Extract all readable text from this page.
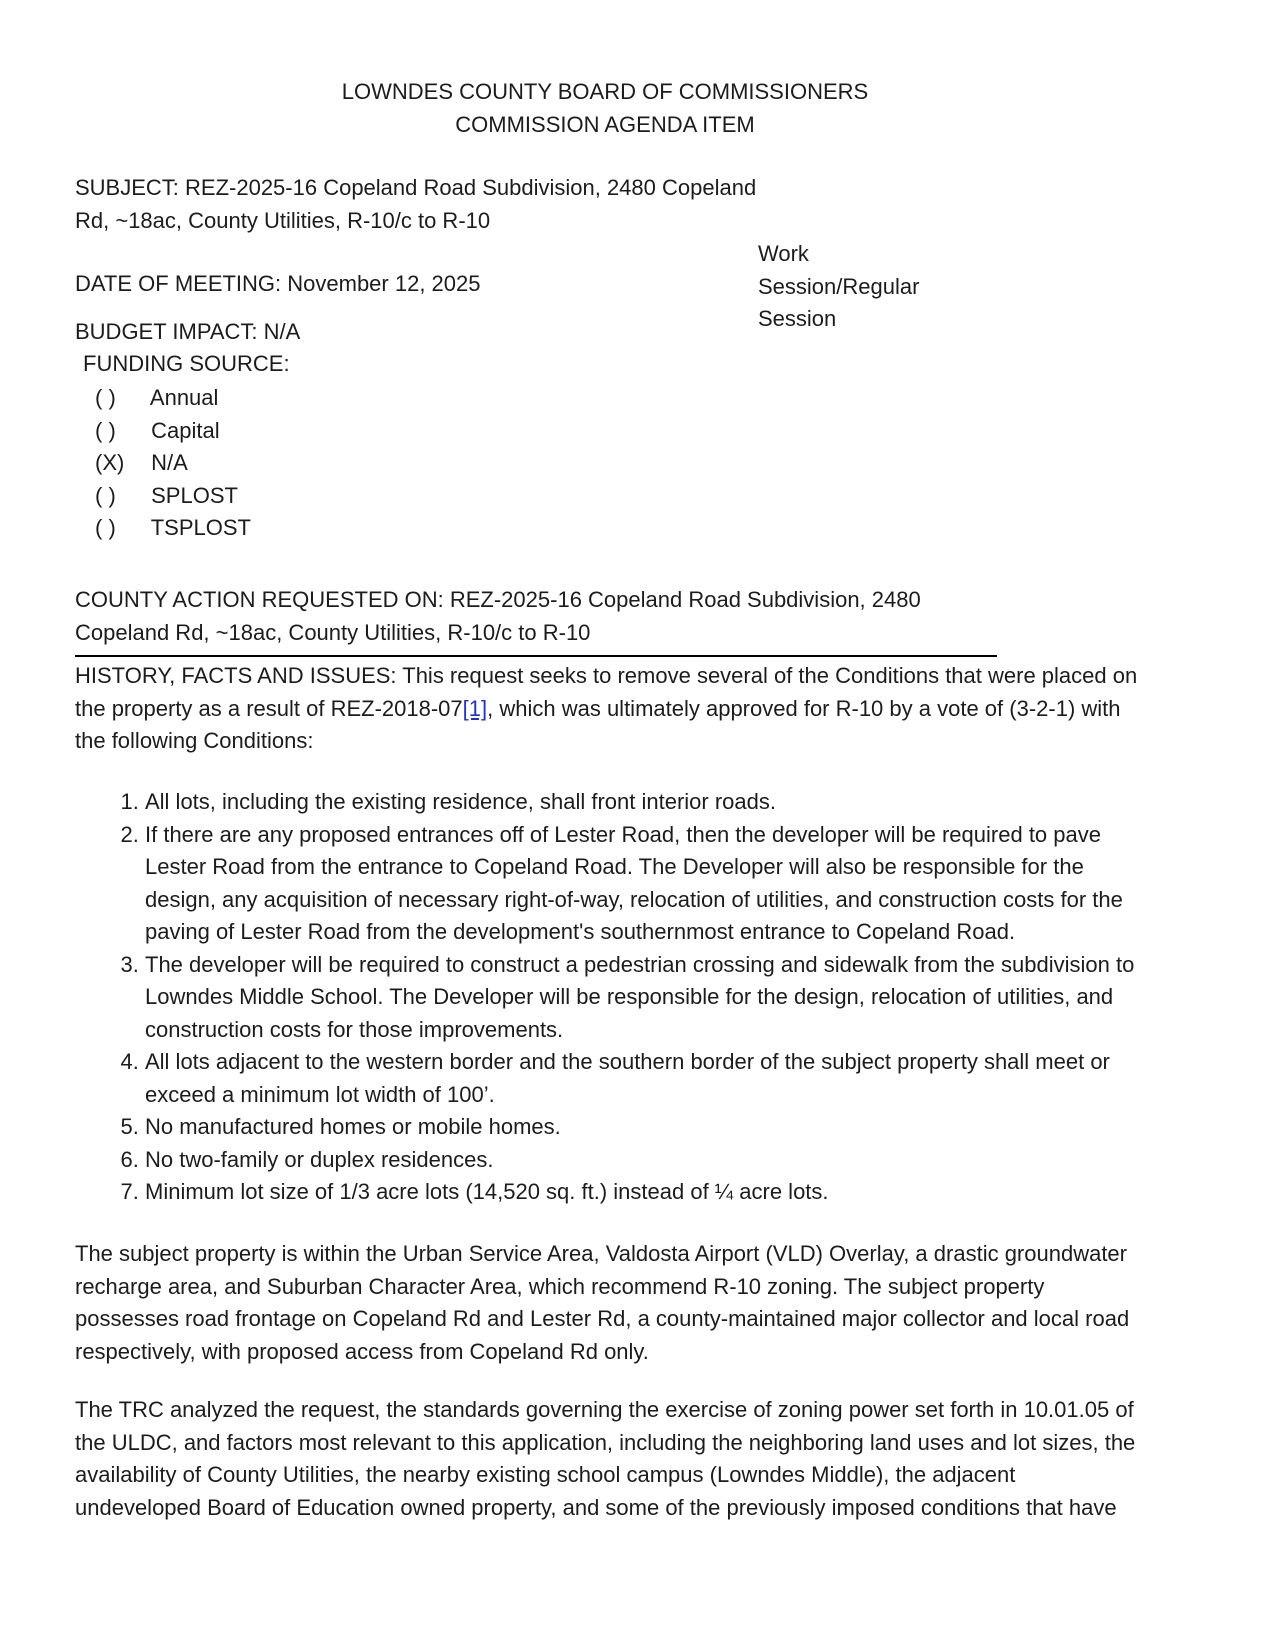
LOWNDES COUNTY BOARD OF COMMISSIONERS
COMMISSION AGENDA ITEM
SUBJECT: REZ-2025-16 Copeland Road Subdivision, 2480 Copeland
Rd, ~18ac, County Utilities, R-10/c to R-10
Work
Session/Regular
Session
DATE OF MEETING: November 12, 2025
BUDGET IMPACT: N/A
FUNDING SOURCE:
( ) Annual
( ) Capital
(X) N/A
( ) SPLOST
( ) TSPLOST
COUNTY ACTION REQUESTED ON: REZ-2025-16 Copeland Road Subdivision, 2480
Copeland Rd, ~18ac, County Utilities, R-10/c to R-10

HISTORY, FACTS AND ISSUES: This request seeks to remove several of the Conditions that were placed on the property as a result of REZ-2018-07[1], which was ultimately approved for R-10 by a vote of (3-2-1) with the following Conditions:

1. All lots, including the existing residence, shall front interior roads.
2. If there are any proposed entrances off of Lester Road, then the developer will be required to pave Lester Road from the entrance to Copeland Road. The Developer will also be responsible for the design, any acquisition of necessary right-of-way, relocation of utilities, and construction costs for the paving of Lester Road from the development's southernmost entrance to Copeland Road.
3. The developer will be required to construct a pedestrian crossing and sidewalk from the subdivision to Lowndes Middle School. The Developer will be responsible for the design, relocation of utilities, and construction costs for those improvements.
4. All lots adjacent to the western border and the southern border of the subject property shall meet or exceed a minimum lot width of 100’.
5. No manufactured homes or mobile homes.
6. No two-family or duplex residences.
7. Minimum lot size of 1/3 acre lots (14,520 sq. ft.) instead of ¼ acre lots.

The subject property is within the Urban Service Area, Valdosta Airport (VLD) Overlay, a drastic groundwater recharge area, and Suburban Character Area, which recommend R-10 zoning. The subject property possesses road frontage on Copeland Rd and Lester Rd, a county-maintained major collector and local road respectively, with proposed access from Copeland Rd only.

The TRC analyzed the request, the standards governing the exercise of zoning power set forth in 10.01.05 of the ULDC, and factors most relevant to this application, including the neighboring land uses and lot sizes, the availability of County Utilities, the nearby existing school campus (Lowndes Middle), the adjacent undeveloped Board of Education owned property, and some of the previously imposed conditions that have
